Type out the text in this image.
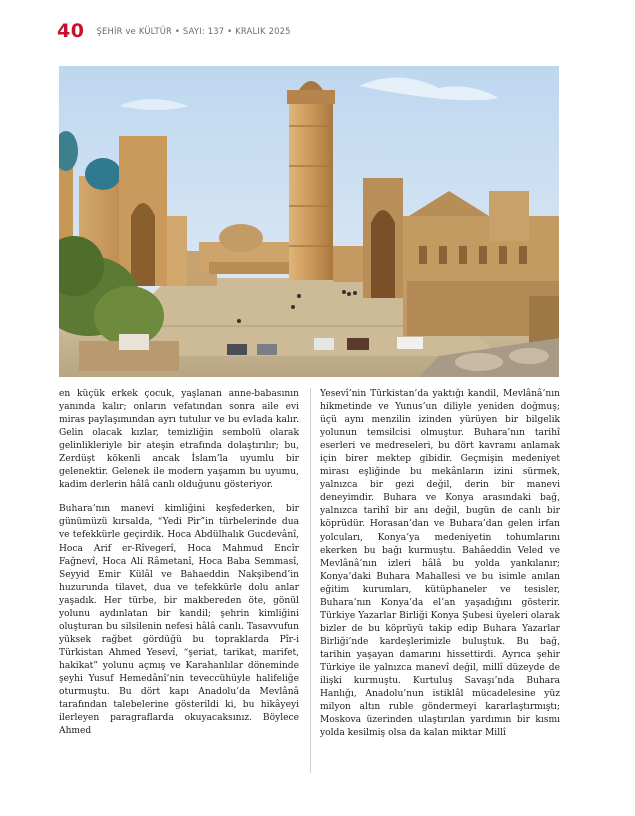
40 ŞEHİR ve KÜLTÜR • SAYI: 137 • KRALIK 2025

en küçük erkek çocuk, yaşlanan anne-babasının yanında kalır; onların vefatından sonra aile evi miras paylaşımından ayrı tutulur ve bu evlada kalır. Gelin olacak kızlar, temizliğin sembolü olarak gelinlikleriyle bir ateşin etrafında dolaştırılır; bu, Zerdüşt kökenli ancak İslam’la uyumlu bir gelenektir. Gelenek ile modern yaşamın bu uyumu, kadim derlerin hâlâ canlı olduğunu gösteriyor.

Buhara’nın manevi kimliğini keşfederken, bir günümüzü kırsalda, “Yedi Pir”in türbelerinde dua ve tefekkürle geçirdik. Hoca Abdülhalık Gucdevânî, Hoca Arif er-Rîvegerî, Hoca Mahmud Encîr Fağnevî, Hoca Ali Râmetanî, Hoca Baba Semmasî, Seyyid Emir Külâl ve Bahaeddin Nakşibend’in huzurunda tilavet, dua ve tefekkürle dolu anlar yaşadık. Her türbe, bir makbereden öte, gönül yolunu aydınlatan bir kandil; şehrin kimliğini oluşturan bu silsilenin nefesi hâlâ canlı. Tasavvufun yüksek rağbet gördüğü bu topraklarda Pîr-i Türkistan Ahmed Yesevî, “şeriat, tarikat, marifet, hakikat” yolunu açmış ve Karahanlılar döneminde şeyhi Yusuf Hemedânî’nin teveccühüyle halifeliğe oturmuştu. Bu dört kapı Anadolu’da Mevlânâ tarafından talebelerine gösterildi ki, bu hikâyeyi ilerleyen paragraflarda okuyacaksınız. Böylece Ahmed

Yesevî’nin Türkistan’da yaktığı kandil, Mevlânâ’nın hikmetinde ve Yunus’un diliyle yeniden doğmuş; üçü aynı menzilin izinden yürüyen bir bilgelik yolunun temsilcisi olmuştur. Buhara’nın tarihî eserleri ve medreseleri, bu dört kavramı anlamak için birer mektep gibidir. Geçmişin medeniyet mirası eşliğinde bu mekânların izini sürmek, yalnızca bir gezi değil, derin bir manevi deneyimdir. Buhara ve Konya arasındaki bağ, yalnızca tarihî bir anı değil, bugün de canlı bir köprüdür. Horasan’dan ve Buhara’dan gelen irfan yolcuları, Konya’ya medeniyetin tohumlarını ekerken bu bağı kurmuştu. Bahâeddin Veled ve Mevlânâ’nın izleri hâlâ bu yolda yankılanır; Konya’daki Buhara Mahallesi ve bu isimle anılan eğitim kurumları, kütüphaneler ve tesisler, Buhara’nın Konya’da el’an yaşadığını gösterir. Türkiye Yazarlar Birliği Konya Şubesi üyeleri olarak bizler de bu köprüyü takip edip Buhara Yazarlar Birliği’nde kardeşlerimizle buluştuk. Bu bağ, tarihin yaşayan damarını hissettirdi. Ayrıca şehir Türkiye ile yalnızca manevî değil, millî düzeyde de ilişki kurmuştu. Kurtuluş Savaşı’nda Buhara Hanlığı, Anadolu’nun istiklâl mücadelesine yüz milyon altın ruble göndermeyi kararlaştırmıştı; Moskova üzerinden ulaştırılan yardımın bir kısmı yolda kesilmiş olsa da kalan miktar Millî
